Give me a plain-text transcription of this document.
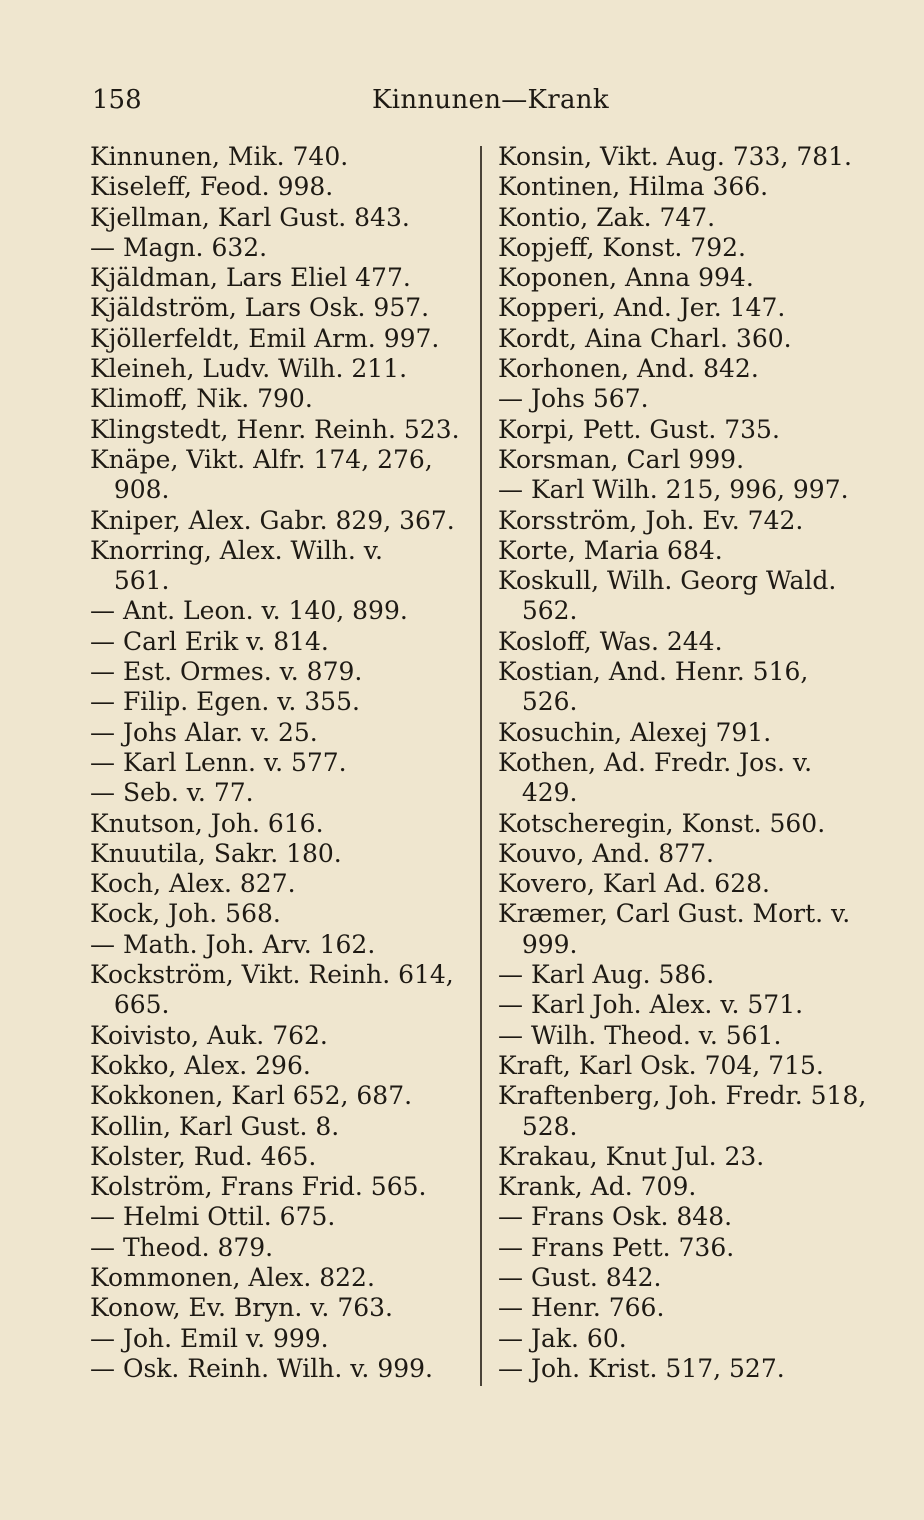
158	Kinnunen—Krank
Kinnunen, Mik. 740.
Kiseleff, Feod. 998.
Kjellman, Karl Gust. 843.
— Magn. 632.
Kjäldman, Lars Eliel 477.
Kjäldström, Lars Osk. 957.
Kjöllerfeldt, Emil Arm. 997.
Kleineh, Ludv. Wilh. 211.
Klimoff, Nik. 790.
Klingstedt, Henr. Reinh. 523.
Knäpe, Vikt. Alfr. 174, 276,
908.
Kniper, Alex. Gabr. 829, 367.
Knorring, Alex. Wilh. v.
561.
— Ant. Leon. v. 140, 899.
— Carl Erik v. 814.
— Est. Ormes. v. 879.
— Filip. Egen. v. 355.
— Johs Alar. v. 25.
— Karl Lenn. v. 577.
— Seb. v. 77.
Knutson, Joh. 616.
Knuutila, Sakr. 180.
Koch, Alex. 827.
Kock, Joh. 568.
— Math. Joh. Arv. 162.
Kockström, Vikt. Reinh. 614,
665.
Koivisto, Auk. 762.
Kokko, Alex. 296.
Kokkonen, Karl 652, 687.
Kollin, Karl Gust. 8.
Kolster, Rud. 465.
Kolström, Frans Frid. 565.
— Helmi Ottil. 675.
— Theod. 879.
Kommonen, Alex. 822.
Konow, Ev. Bryn. v. 763.
— Joh. Emil v. 999.
— Osk. Reinh. Wilh. v. 999.
Konsin, Vikt. Aug. 733, 781.
Kontinen, Hilma 366.
Kontio, Zak. 747.
Kopjeff, Konst. 792.
Koponen, Anna 994.
Kopperi, And. Jer. 147.
Kordt, Aina Charl. 360.
Korhonen, And. 842.
— Johs 567.
Korpi, Pett. Gust. 735.
Korsman, Carl 999.
— Karl Wilh. 215, 996, 997.
Korsström, Joh. Ev. 742.
Korte, Maria 684.
Koskull, Wilh. Georg Wald.
562.
Kosloff, Was. 244.
Kostian, And. Henr. 516,
526.
Kosuchin, Alexej 791.
Kothen, Ad. Fredr. Jos. v.
429.
Kotscheregin, Konst. 560.
Kouvo, And. 877.
Kovero, Karl Ad. 628.
Kræmer, Carl Gust. Mort. v.
999.
— Karl Aug. 586.
— Karl Joh. Alex. v. 571.
— Wilh. Theod. v. 561.
Kraft, Karl Osk. 704, 715.
Kraftenberg, Joh. Fredr. 518,
528.
Krakau, Knut Jul. 23.
Krank, Ad. 709.
— Frans Osk. 848.
— Frans Pett. 736.
— Gust. 842.
— Henr. 766.
— Jak. 60.
— Joh. Krist. 517, 527.
